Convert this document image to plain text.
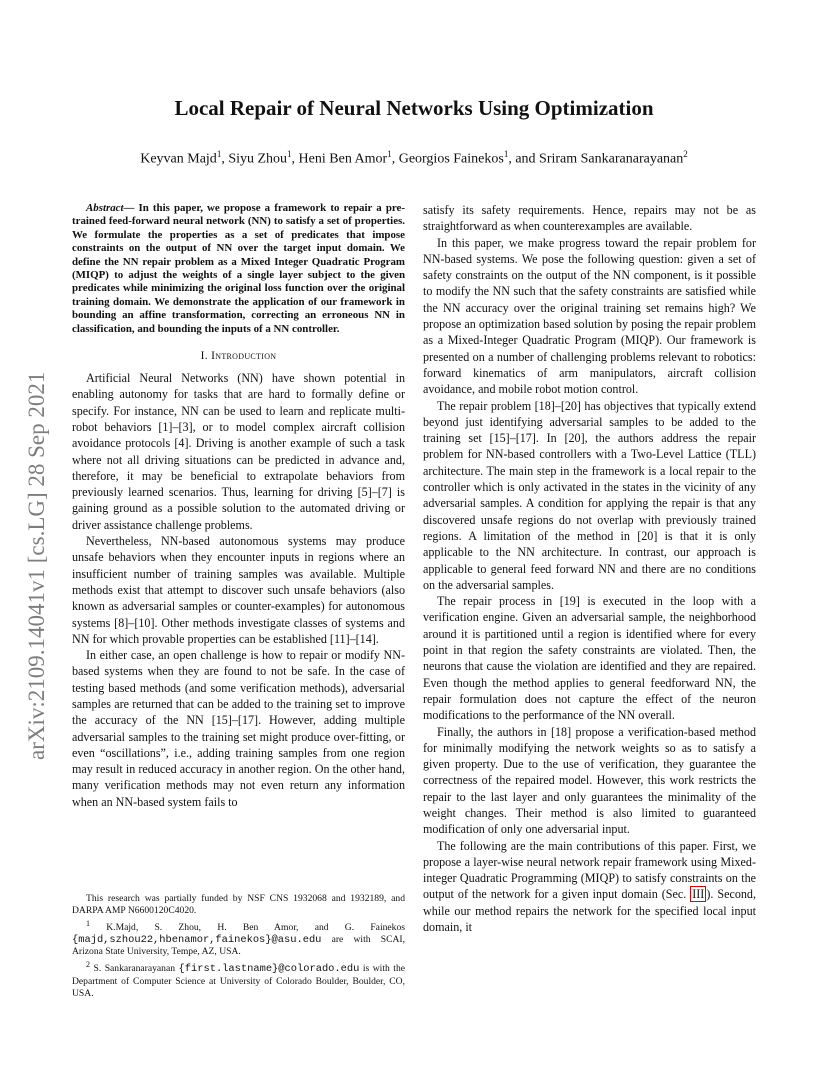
arXiv:2109.14041v1 [cs.LG] 28 Sep 2021
Local Repair of Neural Networks Using Optimization
Keyvan Majd$^1$, Siyu Zhou$^1$, Heni Ben Amor$^1$, Georgios Fainekos$^1$, and Sriram Sankaranarayanan$^2$

Abstract— In this paper, we propose a framework to repair a pre-trained feed-forward neural network (NN) to satisfy a set of properties. We formulate the properties as a set of predicates that impose constraints on the output of NN over the target input domain. We define the NN repair problem as a Mixed Integer Quadratic Program (MIQP) to adjust the weights of a single layer subject to the given predicates while minimizing the original loss function over the original training domain. We demonstrate the application of our framework in bounding an affine transformation, correcting an erroneous NN in classification, and bounding the inputs of a NN controller.

I. Introduction

Artificial Neural Networks (NN) have shown potential in enabling autonomy for tasks that are hard to formally define or specify. For instance, NN can be used to learn and replicate multi-robot behaviors [1]–[3], or to model complex aircraft collision avoidance protocols [4]. Driving is another example of such a task where not all driving situations can be predicted in advance and, therefore, it may be beneficial to extrapolate behaviors from previously learned scenarios. Thus, learning for driving [5]–[7] is gaining ground as a possible solution to the automated driving or driver assistance challenge problems.

Nevertheless, NN-based autonomous systems may produce unsafe behaviors when they encounter inputs in regions where an insufficient number of training samples was available. Multiple methods exist that attempt to discover such unsafe behaviors (also known as adversarial samples or counter-examples) for autonomous systems [8]–[10]. Other methods investigate classes of systems and NN for which provable properties can be established [11]–[14].

In either case, an open challenge is how to repair or modify NN-based systems when they are found to not be safe. In the case of testing based methods (and some verification methods), adversarial samples are returned that can be added to the training set to improve the accuracy of the NN [15]–[17]. However, adding multiple adversarial samples to the training set might produce over-fitting, or even “oscillations”, i.e., adding training samples from one region may result in reduced accuracy in another region. On the other hand, many verification methods may not even return any information when an NN-based system fails to

This research was partially funded by NSF CNS 1932068 and 1932189, and DARPA AMP N6600120C4020.

$^1$ K.Majd, S. Zhou, H. Ben Amor, and G. Fainekos {majd,szhou22,hbenamor,fainekos}@asu.edu are with SCAI, Arizona State University, Tempe, AZ, USA.

$^2$ S. Sankaranarayanan {first.lastname}@colorado.edu is with the Department of Computer Science at University of Colorado Boulder, Boulder, CO, USA.

satisfy its safety requirements. Hence, repairs may not be as straightforward as when counterexamples are available.

In this paper, we make progress toward the repair problem for NN-based systems. We pose the following question: given a set of safety constraints on the output of the NN component, is it possible to modify the NN such that the safety constraints are satisfied while the NN accuracy over the original training set remains high? We propose an optimization based solution by posing the repair problem as a Mixed-Integer Quadratic Program (MIQP). Our framework is presented on a number of challenging problems relevant to robotics: forward kinematics of arm manipulators, aircraft collision avoidance, and mobile robot motion control.

The repair problem [18]–[20] has objectives that typically extend beyond just identifying adversarial samples to be added to the training set [15]–[17]. In [20], the authors address the repair problem for NN-based controllers with a Two-Level Lattice (TLL) architecture. The main step in the framework is a local repair to the controller which is only activated in the states in the vicinity of any adversarial samples. A condition for applying the repair is that any discovered unsafe regions do not overlap with previously trained regions. A limitation of the method in [20] is that it is only applicable to the NN architecture. In contrast, our approach is applicable to general feed forward NN and there are no conditions on the adversarial samples.

The repair process in [19] is executed in the loop with a verification engine. Given an adversarial sample, the neighborhood around it is partitioned until a region is identified where for every point in that region the safety constraints are violated. Then, the neurons that cause the violation are identified and they are repaired. Even though the method applies to general feedforward NN, the repair formulation does not capture the effect of the neuron modifications to the performance of the NN overall.

Finally, the authors in [18] propose a verification-based method for minimally modifying the network weights so as to satisfy a given property. Due to the use of verification, they guarantee the correctness of the repaired model. However, this work restricts the repair to the last layer and only guarantees the minimality of the weight changes. Their method is also limited to guaranteed modification of only one adversarial input.

The following are the main contributions of this paper. First, we propose a layer-wise neural network repair framework using Mixed-integer Quadratic Programming (MIQP) to satisfy constraints on the output of the network for a given input domain (Sec. III ). Second, while our method repairs the network for the specified local input domain, it
